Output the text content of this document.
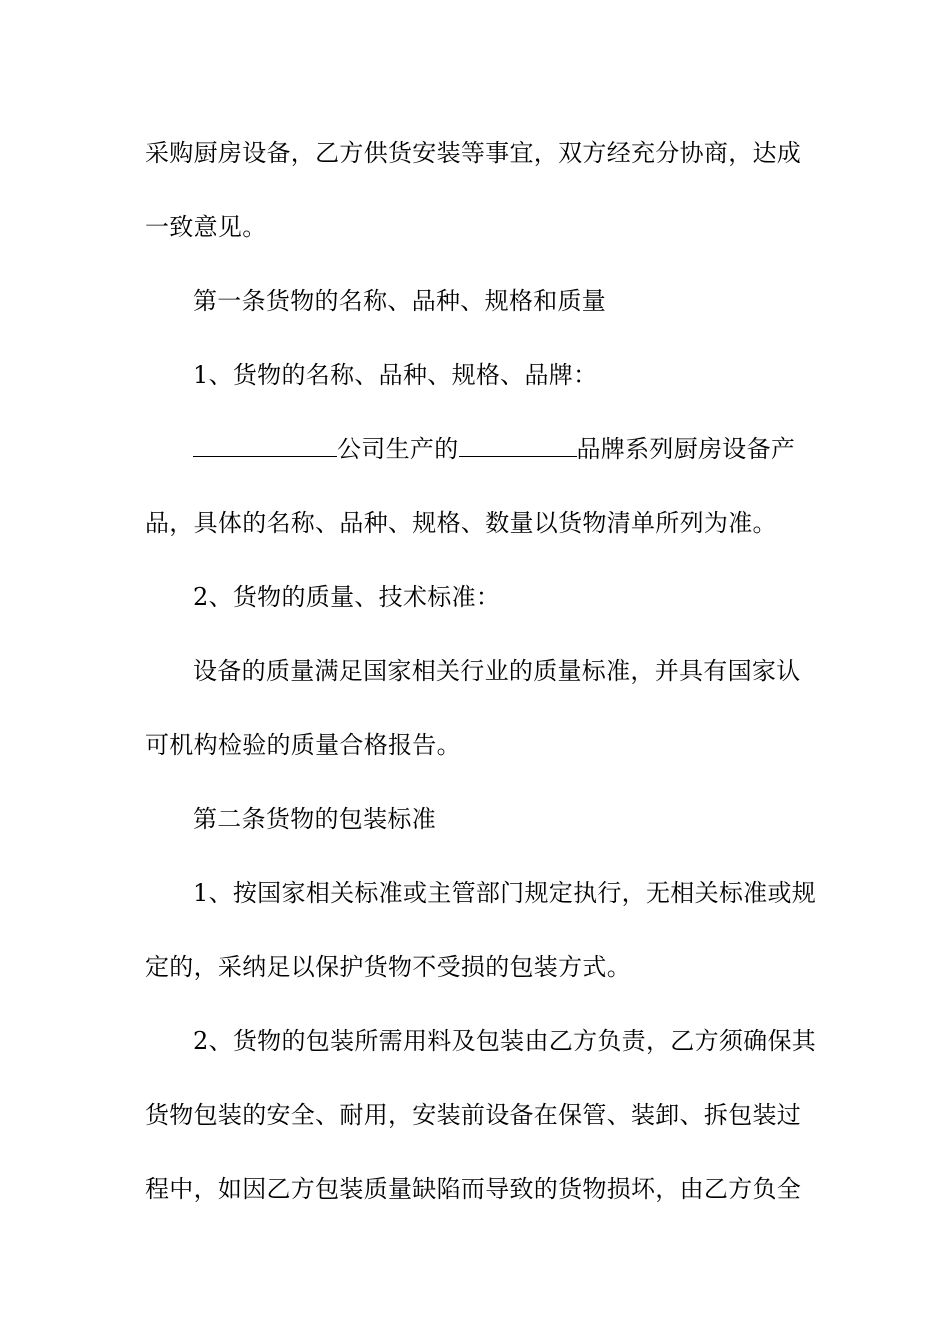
采购厨房设备，乙方供货安装等事宜，双方经充分协商，达成
一致意见。
第一条货物的名称、品种、规格和质量
1、货物的名称、品种、规格、品牌：
公司生产的	品牌系列厨房设备产
品，具体的名称、品种、规格、数量以货物清单所列为准。
2、货物的质量、技术标准：
设备的质量满足国家相关行业的质量标准，并具有国家认
可机构检验的质量合格报告。
第二条货物的包装标准
1、按国家相关标准或主管部门规定执行，无相关标准或规
定的，采纳足以保护货物不受损的包装方式。
2、货物的包装所需用料及包装由乙方负责，乙方须确保其
货物包装的安全、耐用，安装前设备在保管、装卸、拆包装过
程中，如因乙方包装质量缺陷而导致的货物损坏，由乙方负全
